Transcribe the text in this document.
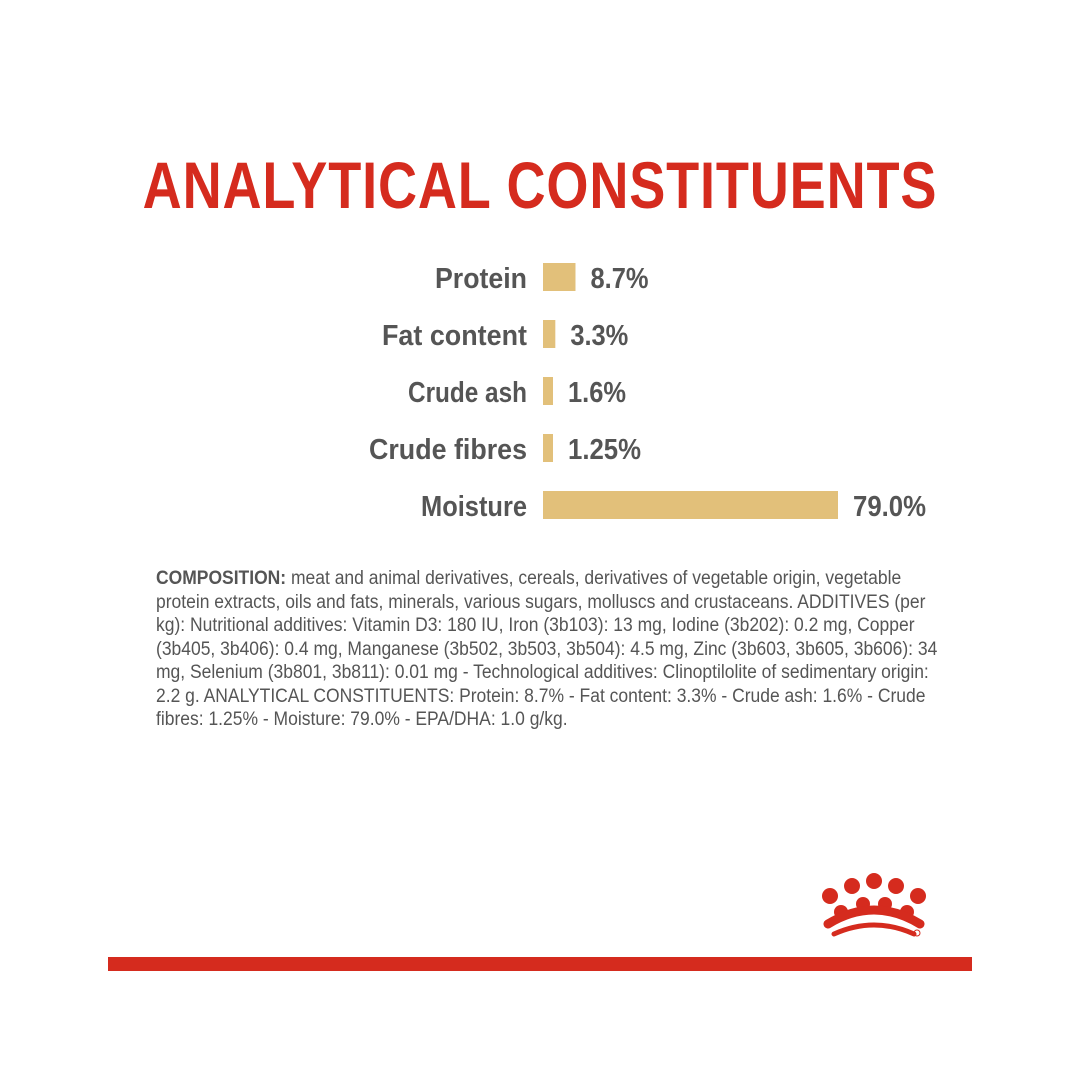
ANALYTICAL CONSTITUENTS
Protein 8.7%
Fat content 3.3%
Crude ash 1.6%
Crude fibres 1.25%
Moisture	79.0%
COMPOSITION: meat and animal derivatives, cereals, derivatives of vegetable origin, vegetable protein extracts, oils and fats, minerals, various sugars, molluscs and crustaceans. ADDITIVES (per kg): Nutritional additives: Vitamin D3: 180 IU, Iron (3b103): 13 mg, Iodine (3b202): 0.2 mg, Copper (3b405, 3b406): 0.4 mg, Manganese (3b502, 3b503, 3b504): 4.5 mg, Zinc (3b603, 3b605, 3b606): 34 mg, Selenium (3b801, 3b811): 0.01 mg - Technological additives: Clinoptilolite of sedimentary origin: 2.2 g. ANALYTICAL CONSTITUENTS: Protein: 8.7% - Fat content: 3.3% - Crude ash: 1.6% - Crude fibres: 1.25% - Moisture: 79.0% - EPA/DHA: 1.0 g/kg.
